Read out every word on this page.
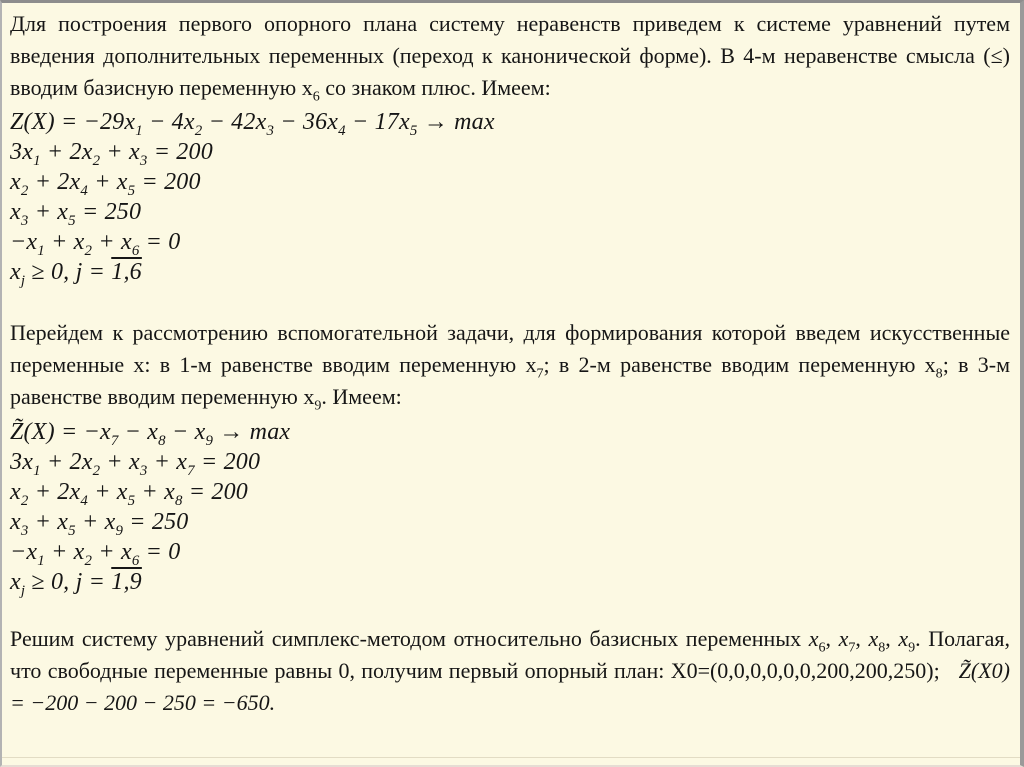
Для построения первого опорного плана систему неравенств приведем к системе уравнений путем введения дополнительных переменных (переход к канонической форме). В 4-м неравенстве смысла (≤) вводим базисную переменную $x_6$ со знаком плюс. Имеем:

$Z(X) = -29x_1 - 4x_2 - 42x_3 - 36x_4 - 17x_5 \to \max$
$3x_1 + 2x_2 + x_3 = 200$
$x_2 + 2x_4 + x_5 = 200$
$x_3 + x_5 = 250$
$-x_1 + x_2 + x_6 = 0$
$x_j \ge 0$, j = 1,6

Перейдем к рассмотрению вспомогательной задачи, для формирования которой введем искусственные переменные x: в 1-м равенстве вводим переменную $x_7$; в 2-м равенстве вводим переменную $x_8$; в 3-м равенстве вводим переменную $x_9$. Имеем:

Z̃(X) = $-x_7 - x_8 - x_9 \to \max$
$3x_1 + 2x_2 + x_3 + x_7 = 200$
$x_2 + 2x_4 + x_5 + x_8 = 200$
$x_3 + x_5 + x_9 = 250$
$-x_1 + x_2 + x_6 = 0$
$x_j \ge 0$, j = 1,9

Решим систему уравнений симплекс-методом относительно базисных переменных $x_6$, $x_7$, $x_8$, $x_9$. Полагая, что свободные переменные равны 0, получим первый опорный план: X0=(0,0,0,0,0,0,200,200,250);   Z̃(X0) = −200 − 200 − 250 = −650.
